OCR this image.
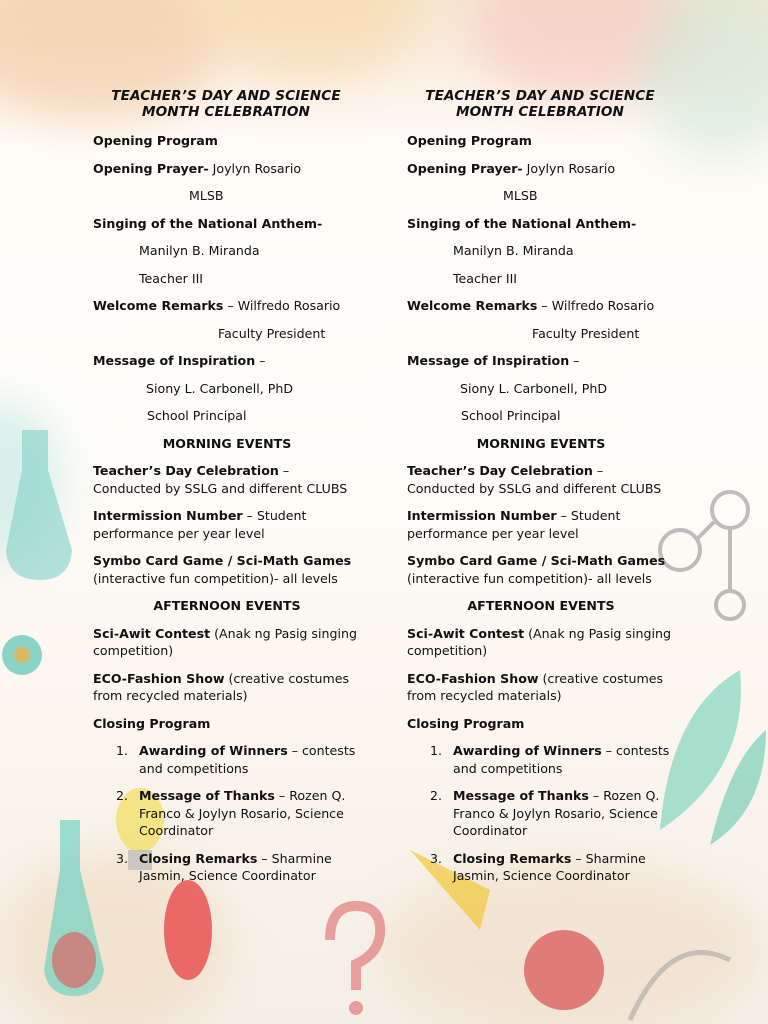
TEACHER’S DAY AND SCIENCE MONTH CELEBRATION
Opening Program
Opening Prayer- Joylyn Rosario
MLSB
Singing of the National Anthem-
Manilyn B. Miranda
Teacher III
Welcome Remarks – Wilfredo Rosario
Faculty President
Message of Inspiration –
Siony L. Carbonell, PhD
School Principal
MORNING EVENTS
Teacher’s Day Celebration – Conducted by SSLG and different CLUBS
Intermission Number – Student performance per year level
Symbo Card Game / Sci-Math Games
(interactive fun competition)- all levels
AFTERNOON EVENTS
Sci-Awit Contest (Anak ng Pasig singing competition)
ECO-Fashion Show (creative costumes from recycled materials)
Closing Program
1. Awarding of Winners – contests and competitions
2. Message of Thanks – Rozen Q. Franco & Joylyn Rosario, Science Coordinator
3. Closing Remarks – Sharmine Jasmin, Science Coordinator
TEACHER’S DAY AND SCIENCE MONTH CELEBRATION
Opening Program
Opening Prayer- Joylyn Rosario
MLSB
Singing of the National Anthem-
Manilyn B. Miranda
Teacher III
Welcome Remarks – Wilfredo Rosario
Faculty President
Message of Inspiration –
Siony L. Carbonell, PhD
School Principal
MORNING EVENTS
Teacher’s Day Celebration – Conducted by SSLG and different CLUBS
Intermission Number – Student performance per year level
Symbo Card Game / Sci-Math Games
(interactive fun competition)- all levels
AFTERNOON EVENTS
Sci-Awit Contest (Anak ng Pasig singing competition)
ECO-Fashion Show (creative costumes from recycled materials)
Closing Program
1. Awarding of Winners – contests and competitions
2. Message of Thanks – Rozen Q. Franco & Joylyn Rosario, Science Coordinator
3. Closing Remarks – Sharmine Jasmin, Science Coordinator
